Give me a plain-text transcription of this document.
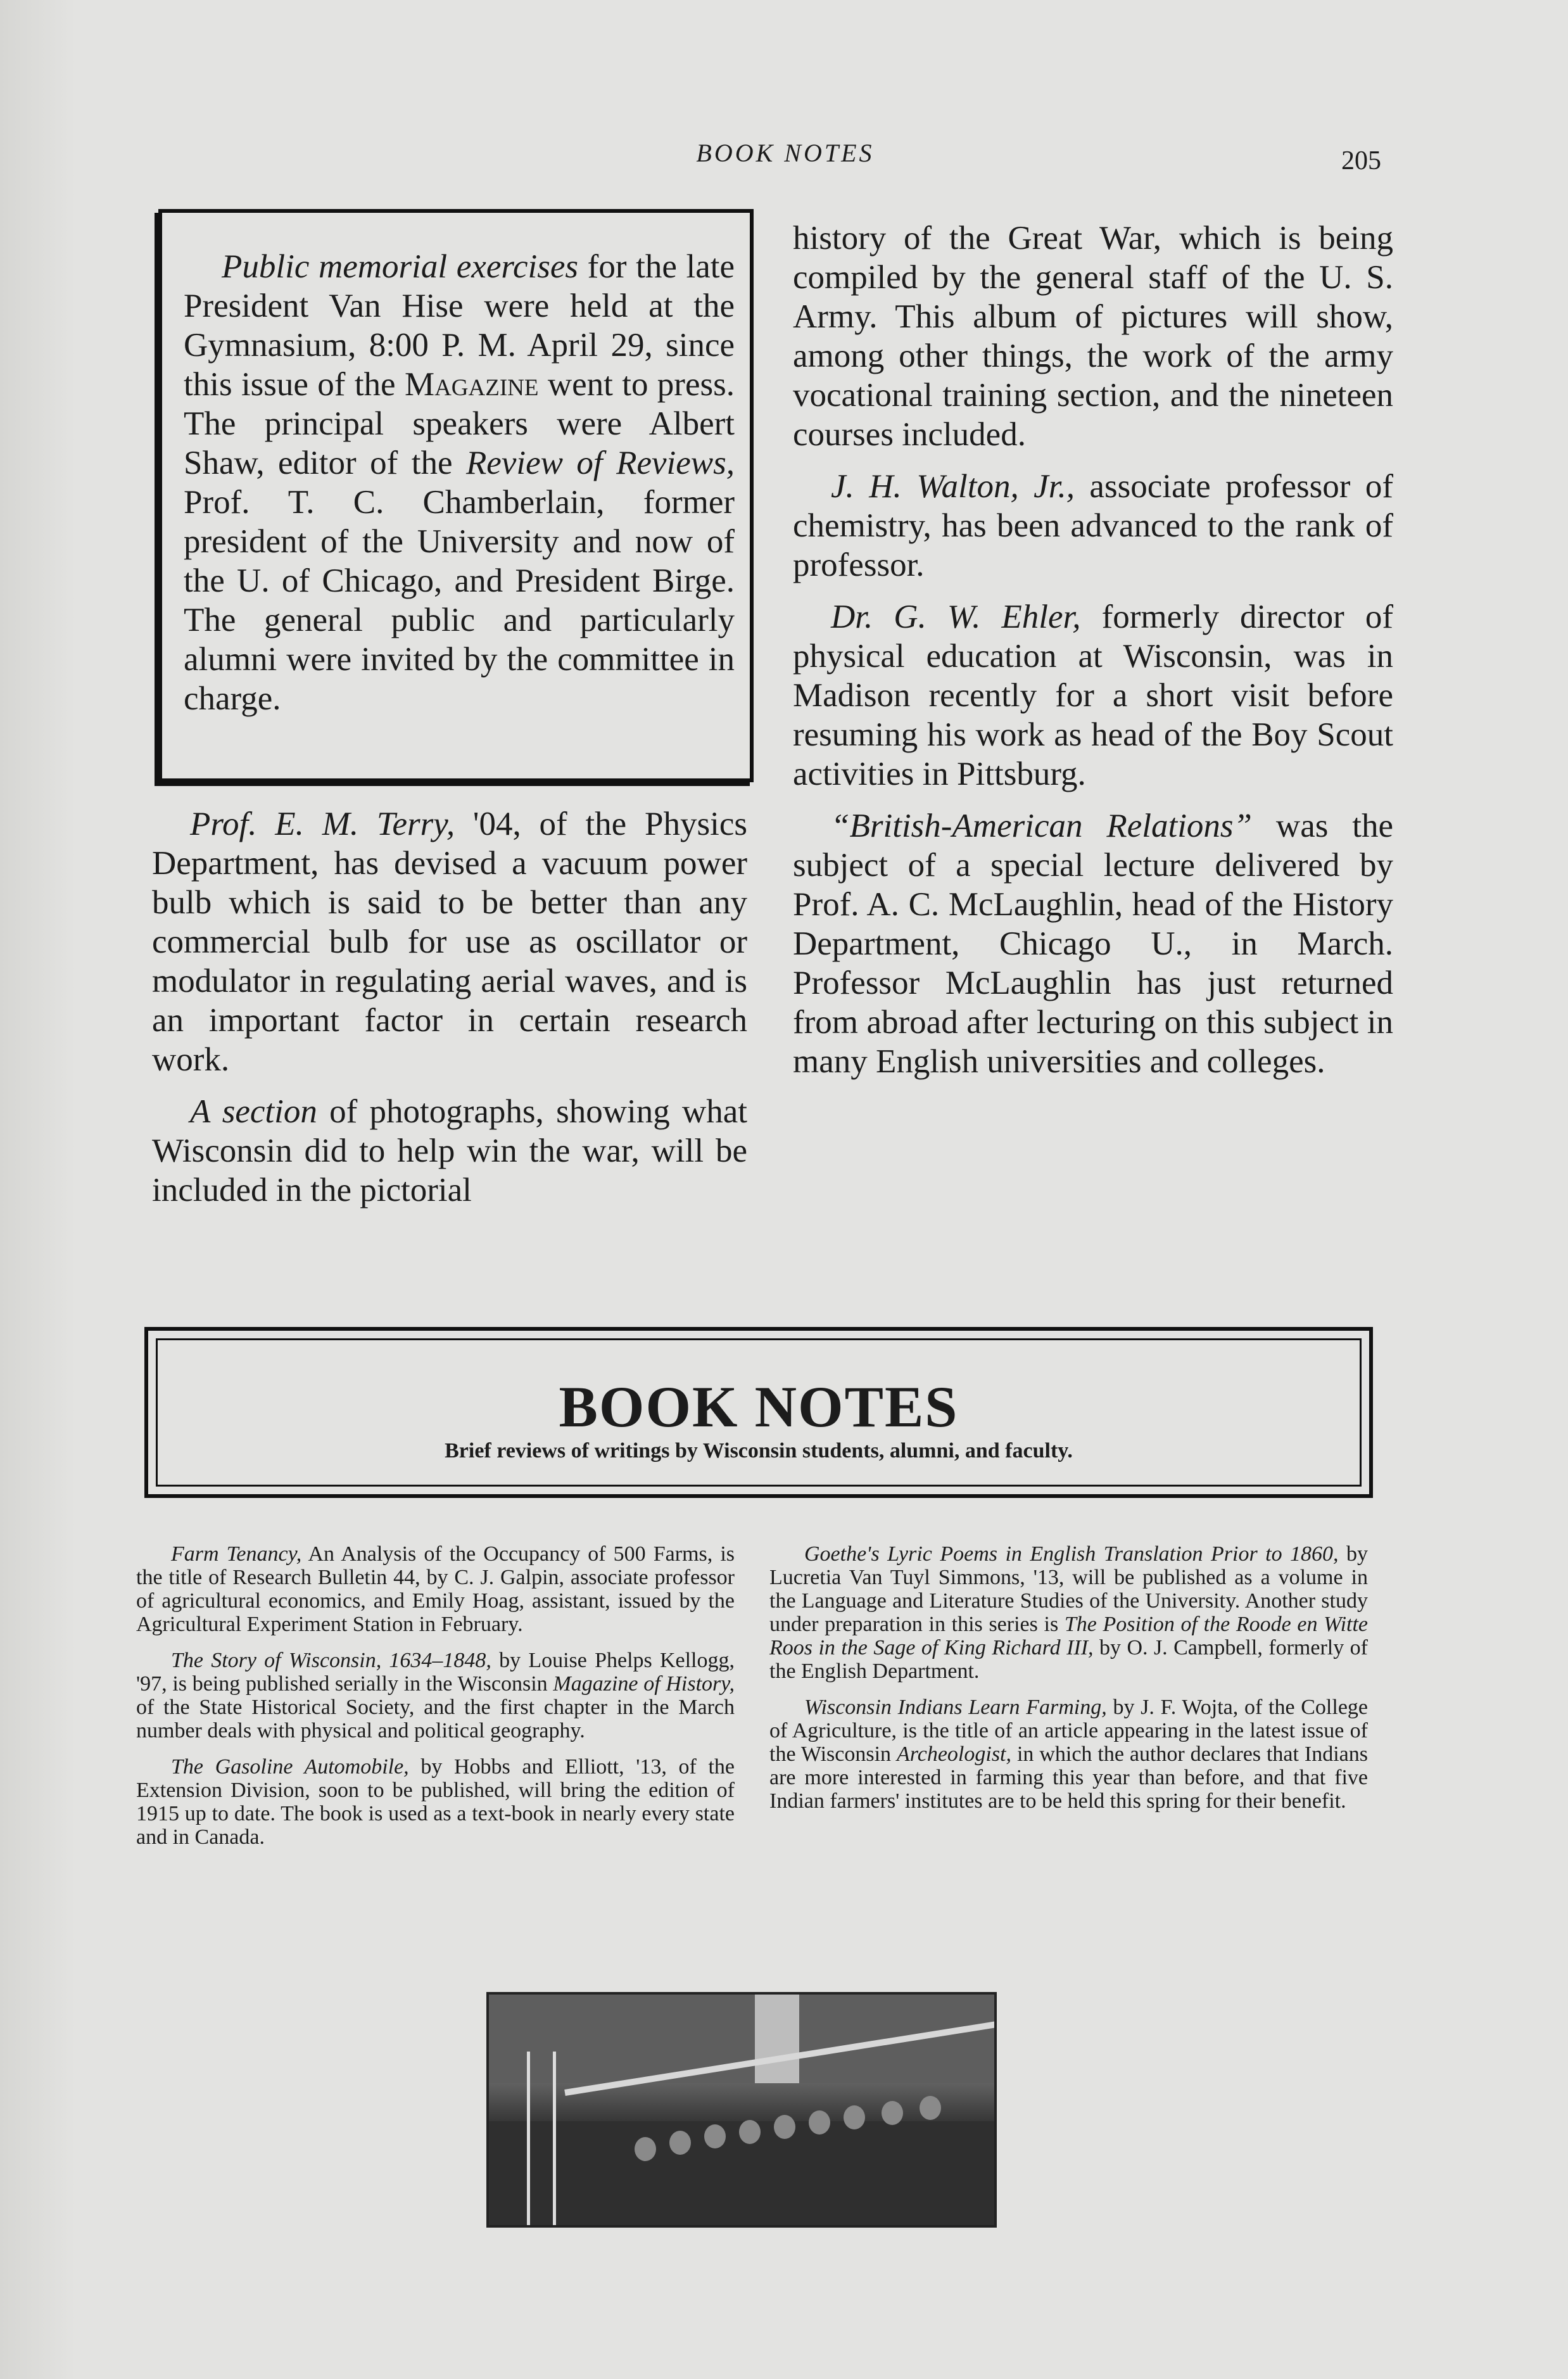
BOOK NOTES	205

Public memorial exercises for the late President Van Hise were held at the Gymnasium, 8:00 P. M. April 29, since this issue of the Magazine went to press. The principal speakers were Albert Shaw, editor of the Review of Reviews, Prof. T. C. Chamberlain, former president of the University and now of the U. of Chicago, and President Birge. The general public and particularly alumni were invited by the committee in charge.

Prof. E. M. Terry, '04, of the Physics Department, has devised a vacuum power bulb which is said to be better than any commercial bulb for use as oscillator or modulator in regulating aerial waves, and is an important factor in certain research work.

A section of photographs, showing what Wisconsin did to help win the war, will be included in the pictorial

history of the Great War, which is being compiled by the general staff of the U. S. Army. This album of pictures will show, among other things, the work of the army vocational training section, and the nineteen courses included.

J. H. Walton, Jr., associate professor of chemistry, has been advanced to the rank of professor.

Dr. G. W. Ehler, formerly director of physical education at Wisconsin, was in Madison recently for a short visit before resuming his work as head of the Boy Scout activities in Pittsburg.

“British-American Relations” was the subject of a special lecture delivered by Prof. A. C. McLaughlin, head of the History Department, Chicago U., in March. Professor McLaughlin has just returned from abroad after lecturing on this subject in many English universities and colleges.

BOOK NOTES
Brief reviews of writings by Wisconsin students, alumni, and faculty.

Farm Tenancy, An Analysis of the Occupancy of 500 Farms, is the title of Research Bulletin 44, by C. J. Galpin, associate professor of agricultural economics, and Emily Hoag, assistant, issued by the Agricultural Experiment Station in February.

The Story of Wisconsin, 1634–1848, by Louise Phelps Kellogg, '97, is being published serially in the Wisconsin Magazine of History, of the State Historical Society, and the first chapter in the March number deals with physical and political geography.

The Gasoline Automobile, by Hobbs and Elliott, '13, of the Extension Division, soon to be published, will bring the edition of 1915 up to date. The book is used as a text-book in nearly every state and in Canada.

Goethe's Lyric Poems in English Translation Prior to 1860, by Lucretia Van Tuyl Simmons, '13, will be published as a volume in the Language and Literature Studies of the University. Another study under preparation in this series is The Position of the Roode en Witte Roos in the Sage of King Richard III, by O. J. Campbell, formerly of the English Department.

Wisconsin Indians Learn Farming, by J. F. Wojta, of the College of Agriculture, is the title of an article appearing in the latest issue of the Wisconsin Archeologist, in which the author declares that Indians are more interested in farming this year than before, and that five Indian farmers' institutes are to be held this spring for their benefit.
